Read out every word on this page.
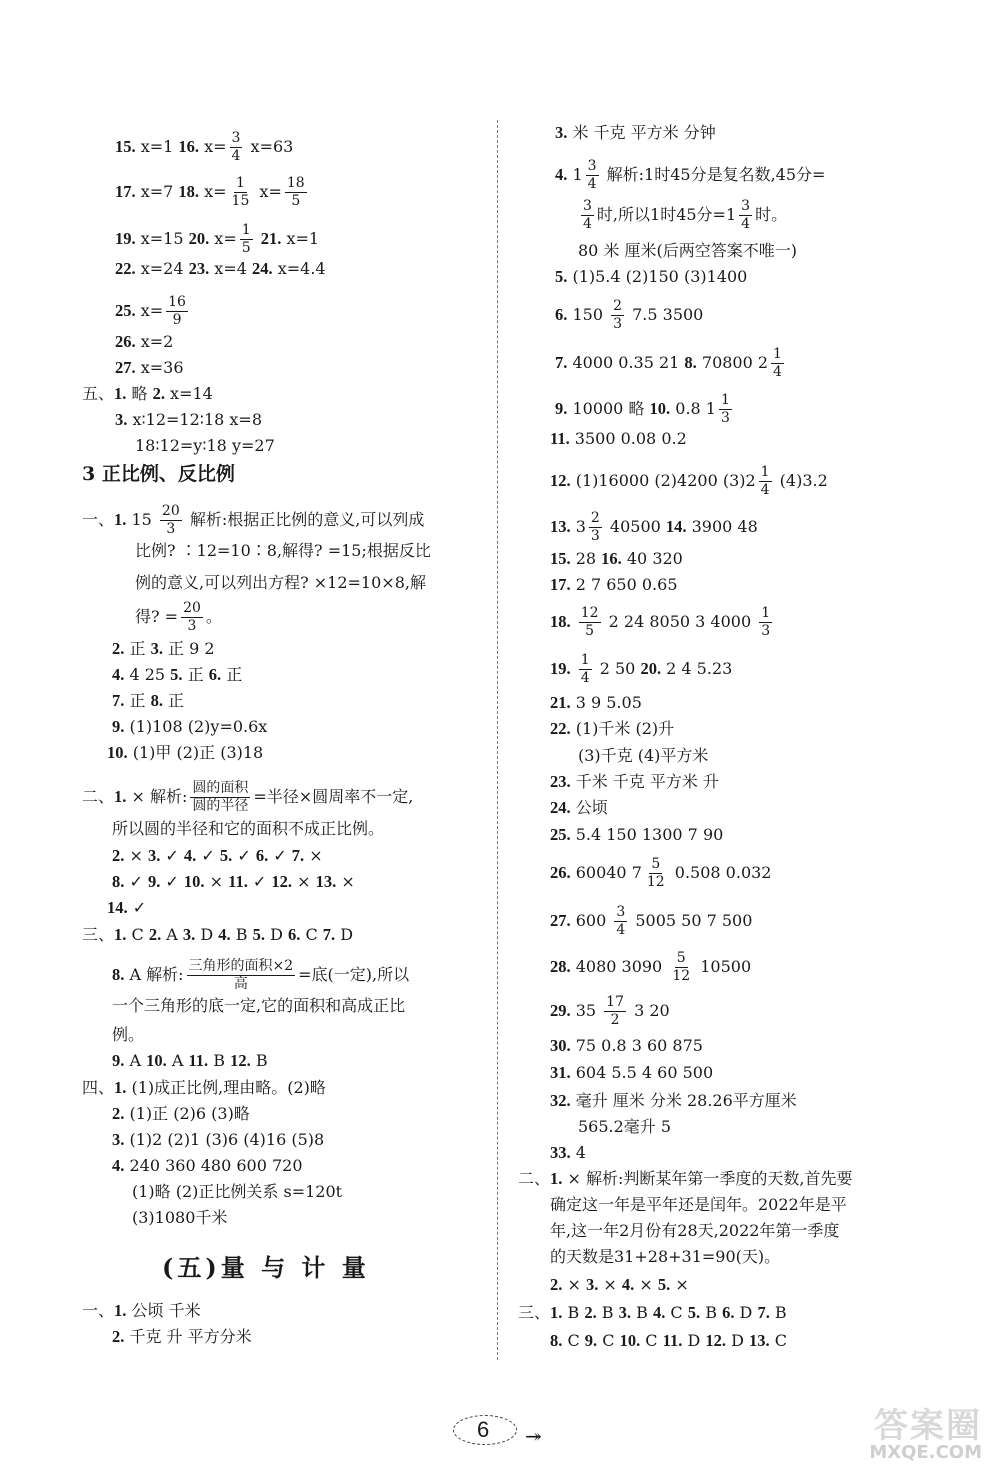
15. x=1 16. $x= \frac{3}{4} x=63$
17. x=7 18. $x= \frac{1}{15} x= \frac{18}{5}$
19. x=15 20. $x= \frac{1}{5} 21$. x=1
22. x=24 23. x=4 24. x=4.4
25. $x= \frac{16}{9}$
26. x=2
27. x=36
五、1. 略 2. x=14
3. x∶12=12∶18 x=8
18∶12=y∶18 y=27
3 正比例、反比例
一、1. $15 \frac{20}{3}$ 解析:根据正比例的意义,可以列成
比例? ∶12=10∶8,解得? =15;根据反比
例的意义,可以列出方程? ×12=10×8,解
得? = $\frac{20}{3}$ 。
2. 正 3. 正 9 2
4. 4 25 5. 正 6. 正
7. 正 8. 正
9. (1)108 (2)y=0.6x
10. (1)甲 (2)正 (3)18
二、1. × 解析: $\frac{\text{圆的面积}}{\text{圆的半径}}$ =半径×圆周率不一定,
所以圆的半径和它的面积不成正比例。
2. × 3. ✓ 4. ✓ 5. ✓ 6. ✓ 7. ×
8. ✓ 9. ✓ 10. × 11. ✓ 12. × 13. ×
14. ✓
三、1. C 2. A 3. D 4. B 5. D 6. C 7. D
8. A 解析: $\frac{\text{三角形的面积×2}}{\text{高}}$ =底(一定),所以
一个三角形的底一定,它的面积和高成正比
例。
9. A 10. A 11. B 12. B
四、1. (1)成正比例,理由略。(2)略
2. (1)正 (2)6 (3)略
3. (1)2 (2)1 (3)6 (4)16 (5)8
4. 240 360 480 600 720
(1)略 (2)正比例关系 s=120t
(3)1080千米
一、1. 公顷 千米
2. 千克 升 平方分米
3. 米 千克 平方米 分钟
4. $1 \frac{3}{4}$ 解析:1时45分是复名数,45分=
$\frac{3}{4}$ 时,所以1时45分$=1 \frac{3}{4}$ 时。
80 米 厘米(后两空答案不唯一)
5. (1)5.4 (2)150 (3)1400
6. $150 \frac{2}{3} 7.5$ 3500
7. 4000 0.35 21 8. 70800 $2 \frac{1}{4}$
9. 10000 略 10. 0.8 $1 \frac{1}{3}$
11. 3500 0.08 0.2
12. (1)16000 (2)4200 $(3)2 \frac{1}{4} (4)3.2$
13. $3 \frac{2}{3} 40500$ 14. 3900 48
15. 28 16. 40 320
17. 2 7 650 0.65
18. $\frac{12}{5} 2$ 24 8050 3 $4000 \frac{1}{3}$
19. $\frac{1}{4} 2$ 50 20. 2 4 5.23
21. 3 9 5.05
22. (1)千米 (2)升
(3)千克 (4)平方米
23. 千米 千克 平方米 升
24. 公顷
25. 5.4 150 1300 7 90
26. 60040 $7 \frac{5}{12} 0.508$ 0.032
27. $600 \frac{3}{4} 5005$ 50 7 500
28. 4080 $3090 \frac{5}{12} 10500$
29. $35 \frac{17}{2} 3$ 20
30. 75 0.8 3 60 875
31. 604 5.5 4 60 500
32. 毫升 厘米 分米 28.26平方厘米
565.2毫升 5
33. 4
二、1. × 解析:判断某年第一季度的天数,首先要
确定这一年是平年还是闰年。2022年是平
年,这一年2月份有28天,2022年第一季度
的天数是31+28+31=90(天)。
2. × 3. × 4. × 5. ×
三、1. B 2. B 3. B 4. C 5. B 6. D 7. B
8. C 9. C 10. C 11. D 12. D 13. C
(五)量 与 计 量
6 ↠	答案圈
MXQE.COM
